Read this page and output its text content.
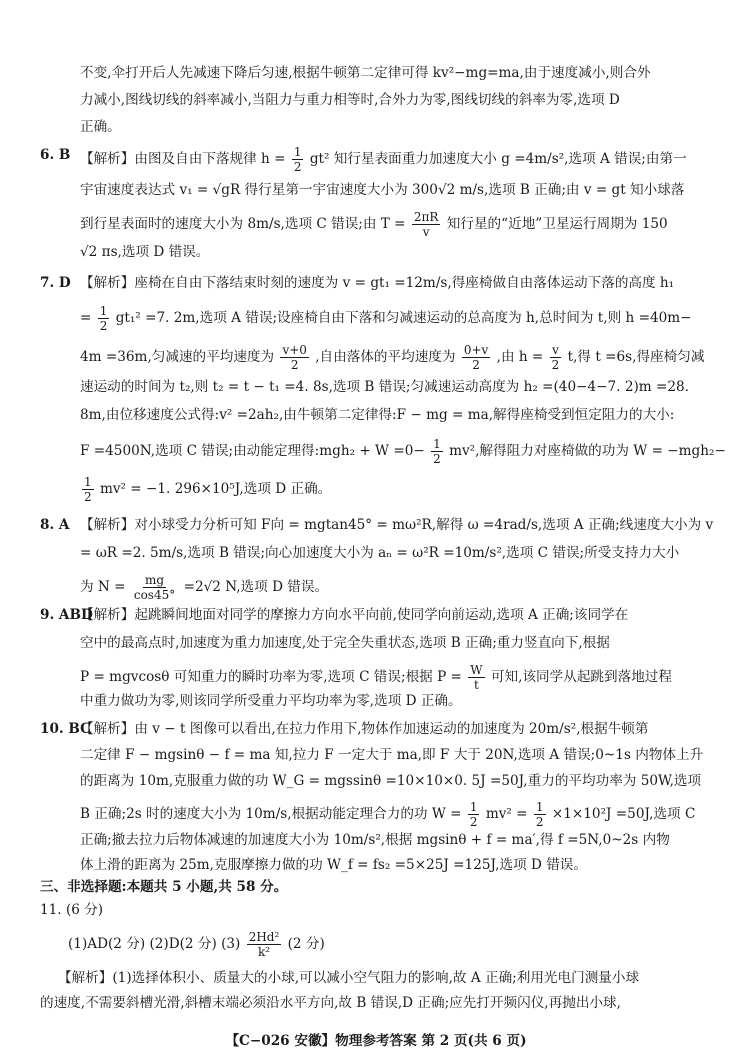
不变,伞打开后人先减速下降后匀速,根据牛顿第二定律可得 kv²−mg=ma,由于速度减小,则合外
力减小,图线切线的斜率减小,当阻力与重力相等时,合外力为零,图线切线的斜率为零,选项 D
正确。
6. B 【解析】由图及自由下落规律 $h = \frac{1}{2} gt^2$ 知行星表面重力加速度大小 g =4m/s²,选项 A 错误;由第一
宇宙速度表达式 v₁ = √gR 得行星第一宇宙速度大小为 300√2 m/s,选项 B 正确;由 v = gt 知小球落
到行星表面时的速度大小为 8m/s,选项 C 错误;由 $T = \frac{2\pi R}{v}$ 知行星的“近地”卫星运行周期为 150
√2 πs,选项 D 错误。
7. D 【解析】座椅在自由下落结束时刻的速度为 v = gt₁ =12m/s,得座椅做自由落体运动下落的高度 h₁
= $\frac{1}{2} gt_1^2 =7$. 2m,选项 A 错误;设座椅自由下落和匀减速运动的总高度为 h,总时间为 t,则 h =40m−
4m =36m,匀减速的平均速度为 $\frac{v+0}{2}$ ,自由落体的平均速度为 $\frac{0+v}{2}$ ,由 $h = \frac{v}{2} t$,得 t =6s,得座椅匀减
速运动的时间为 t₂,则 t₂ = t − t₁ =4. 8s,选项 B 错误;匀减速运动高度为 h₂ =(40−4−7. 2)m =28.
8m,由位移速度公式得:v² =2ah₂,由牛顿第二定律得:F − mg = ma,解得座椅受到恒定阻力的大小:
F =4500N,选项 C 错误;由动能定理得:mgh₂ + $W =0- \frac{1}{2} mv^2$,解得阻力对座椅做的功为 W = −mgh₂−
$\frac{1}{2} mv^2 = -1$. 296×10⁵J,选项 D 正确。
8. A 【解析】对小球受力分析可知 F向 = mgtan45° = mω²R,解得 ω =4rad/s,选项 A 正确;线速度大小为 v
= ωR =2. 5m/s,选项 B 错误;向心加速度大小为 aₙ = ω²R =10m/s²,选项 C 错误;所受支持力大小
为 $N = \frac{mg}{\cos 45^\circ} =2√2$ N,选项 D 错误。
9. ABD
【解析】起跳瞬间地面对同学的摩擦力方向水平向前,使同学向前运动,选项 A 正确;该同学在
空中的最高点时,加速度为重力加速度,处于完全失重状态,选项 B 正确;重力竖直向下,根据
P = mgvcosθ 可知重力的瞬时功率为零,选项 C 错误;根据 $P = \frac{W}{t}$ 可知,该同学从起跳到落地过程
中重力做功为零,则该同学所受重力平均功率为零,选项 D 正确。
10. BC
【解析】由 v − t 图像可以看出,在拉力作用下,物体作加速运动的加速度为 20m/s²,根据牛顿第
二定律 F − mgsinθ − f = ma 知,拉力 F 一定大于 ma,即 F 大于 20N,选项 A 错误;0~1s 内物体上升
的距离为 10m,克服重力做的功 W_G = mgssinθ =10×10×0. 5J =50J,重力的平均功率为 50W,选项
B 正确;2s 时的速度大小为 10m/s,根据动能定理合力的功 $W = \frac{1}{2} mv^2 = \frac{1}{2} \times 1\times 10^2J =50J$,选项 C
正确;撤去拉力后物体减速的加速度大小为 10m/s²,根据 mgsinθ + f = ma′,得 f =5N,0~2s 内物
体上滑的距离为 25m,克服摩擦力做的功 W_f = fs₂ =5×25J =125J,选项 D 错误。
三、非选择题:本题共 5 小题,共 58 分。
11. (6 分)
(1)AD(2 分) (2)D(2 分) $(3) \frac{\text{2Hd²}}{\text{k²}} (2$ 分)
【解析】(1)选择体积小、质量大的小球,可以减小空气阻力的影响,故 A 正确;利用光电门测量小球
的速度,不需要斜槽光滑,斜槽末端必须沿水平方向,故 B 错误,D 正确;应先打开频闪仪,再抛出小球,
【C−026 安徽】物理参考答案 第 2 页(共 6 页)
